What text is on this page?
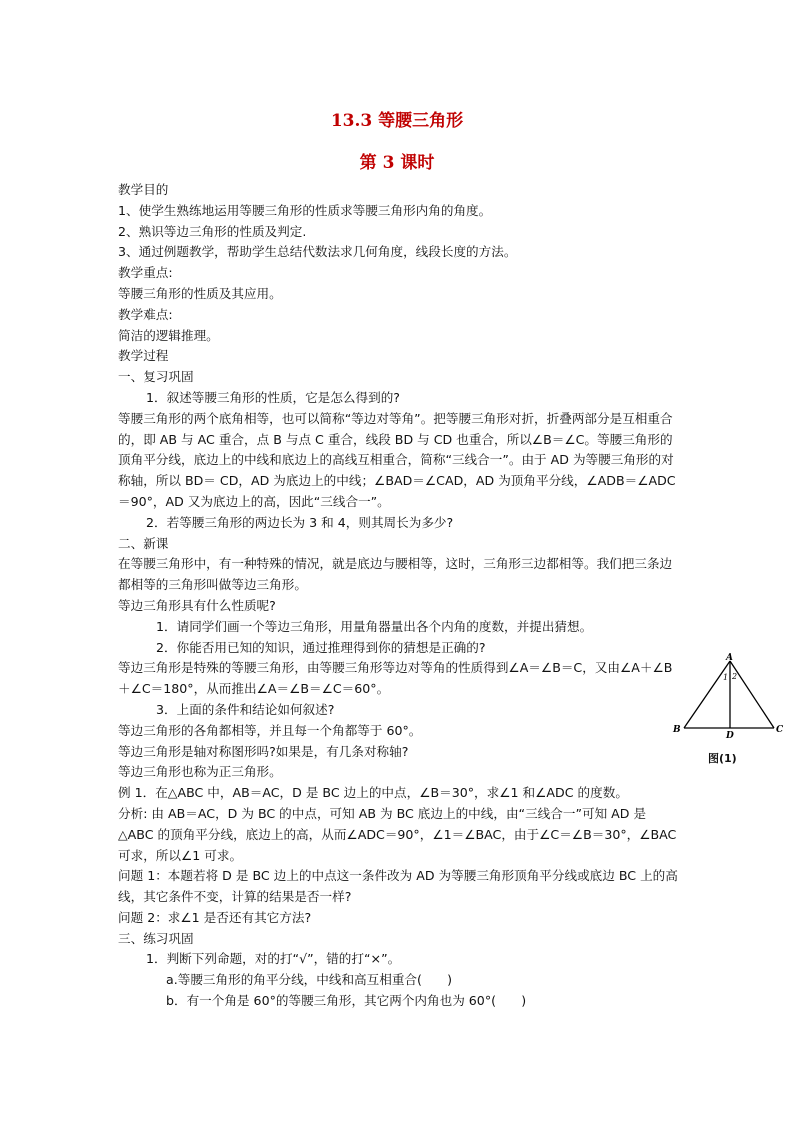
13.3 等腰三角形
第 3 课时

教学目的

1、使学生熟练地运用等腰三角形的性质求等腰三角形内角的角度。

2、熟识等边三角形的性质及判定.

3、通过例题教学，帮助学生总结代数法求几何角度，线段长度的方法。

教学重点:

等腰三角形的性质及其应用。

教学难点:

简洁的逻辑推理。

教学过程

一、复习巩固

1．叙述等腰三角形的性质，它是怎么得到的?

等腰三角形的两个底角相等，也可以简称“等边对等角”。把等腰三角形对折，折叠两部分是互相重合的，即 AB 与 AC 重合，点 B 与点 C 重合，线段 BD 与 CD 也重合，所以∠B＝∠C。等腰三角形的顶角平分线，底边上的中线和底边上的高线互相重合，简称“三线合一”。由于 AD 为等腰三角形的对称轴，所以 BD＝ CD，AD 为底边上的中线；∠BAD＝∠CAD，AD 为顶角平分线，∠ADB＝∠ADC＝90°，AD 又为底边上的高，因此“三线合一”。

2．若等腰三角形的两边长为 3 和 4，则其周长为多少?

二、新课

在等腰三角形中，有一种特殊的情况，就是底边与腰相等，这时，三角形三边都相等。我们把三条边都相等的三角形叫做等边三角形。

等边三角形具有什么性质呢?

1．请同学们画一个等边三角形，用量角器量出各个内角的度数，并提出猜想。

2．你能否用已知的知识，通过推理得到你的猜想是正确的?

等边三角形是特殊的等腰三角形，由等腰三角形等边对等角的性质得到∠A＝∠B＝C，又由∠A＋∠B＋∠C＝180°，从而推出∠A＝∠B＝∠C＝60°。

3．上面的条件和结论如何叙述?

等边三角形的各角都相等，并且每一个角都等于 60°。

等边三角形是轴对称图形吗?如果是，有几条对称轴?

等边三角形也称为正三角形。

例 1．在△ABC 中，AB＝AC，D 是 BC 边上的中点，∠B＝30°，求∠1 和∠ADC 的度数。

分析: 由 AB＝AC，D 为 BC 的中点，可知 AB 为 BC 底边上的中线，由“三线合一”可知 AD 是△ABC 的顶角平分线，底边上的高，从而∠ADC＝90°，∠1＝∠BAC，由于∠C＝∠B＝30°，∠BAC 可求，所以∠1 可求。

问题 1：本题若将 D 是 BC 边上的中点这一条件改为 AD 为等腰三角形顶角平分线或底边 BC 上的高线，其它条件不变，计算的结果是否一样?

问题 2：求∠1 是否还有其它方法?

三、练习巩固

1．判断下列命题，对的打“√”，错的打“×”。

a.等腰三角形的角平分线，中线和高互相重合(　　)

b．有一个角是 60°的等腰三角形，其它两个内角也为 60°(　　)

A
B	C
D
1 2
图(1)
